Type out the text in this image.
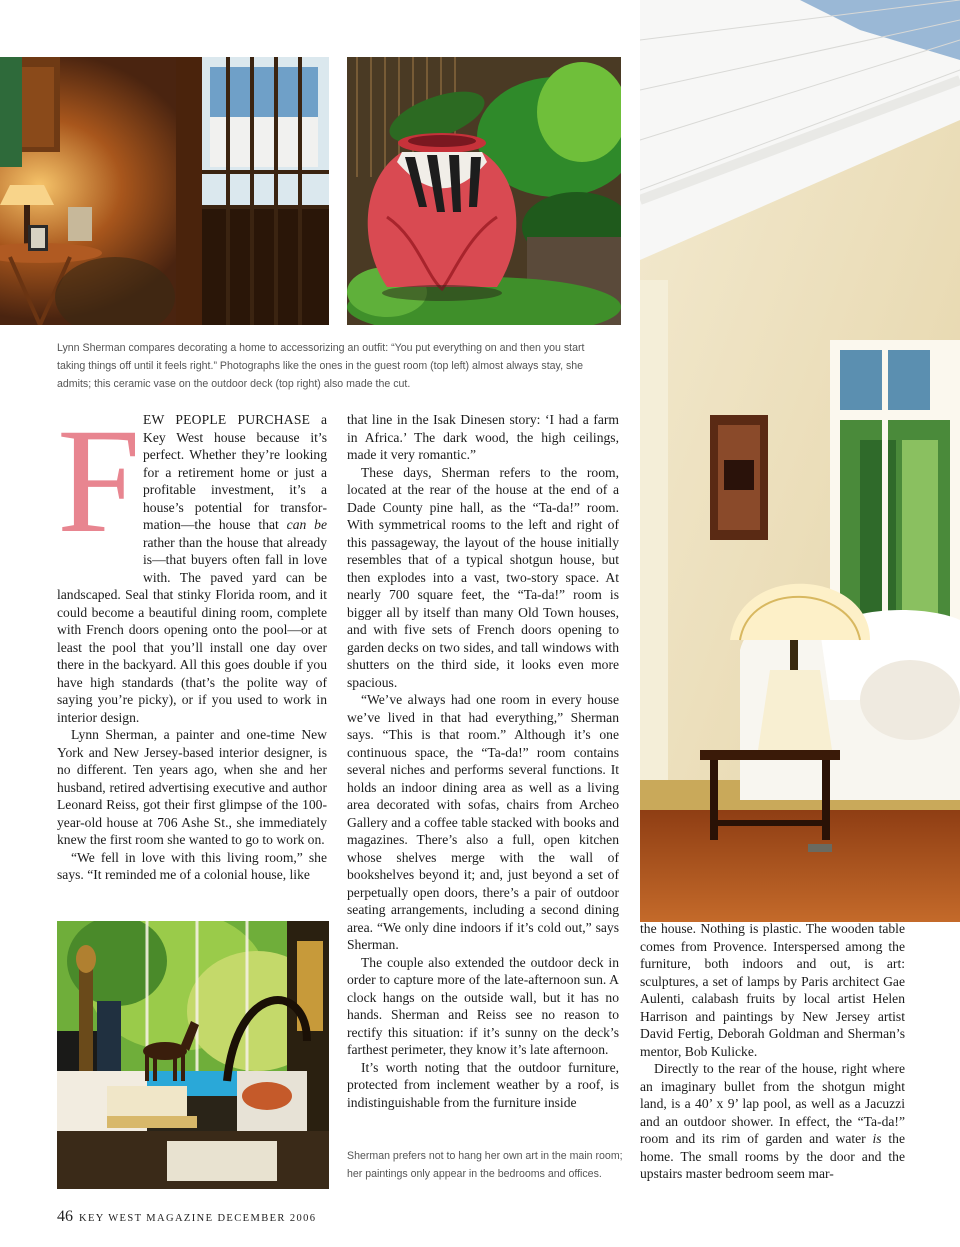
Lynn Sherman compares decorating a home to accessorizing an outfit: “You put everything on and then you start taking things off until it feels right.” Photographs like the ones in the guest room (top left) almost always stay, she admits; this ceramic vase on the outdoor deck (top right) also made the cut.

FEW PEOPLE PURCHASE a Key West house because it’s perfect. Whether they’re looking for a retirement home or just a profitable investment, it’s a house’s potential for transformation—the house that can be rather than the house that already is—that buyers often fall in love with. The paved yard can be landscaped. Seal that stinky Florida room, and it could become a beautiful dining room, complete with French doors opening onto the pool—or at least the pool that you’ll install one day over there in the backyard. All this goes double if you have high standards (that’s the polite way of saying you’re picky), or if you used to work in interior design.

Lynn Sherman, a painter and one-time New York and New Jersey-based interior designer, is no different. Ten years ago, when she and her husband, retired advertising executive and author Leonard Reiss, got their first glimpse of the 100-year-old house at 706 Ashe St., she immediately knew the first room she wanted to go to work on.

“We fell in love with this living room,” she says. “It reminded me of a colonial house, like

that line in the Isak Dinesen story: ‘I had a farm in Africa.’ The dark wood, the high ceilings, made it very romantic.”

These days, Sherman refers to the room, located at the rear of the house at the end of a Dade County pine hall, as the “Ta-da!” room. With symmetrical rooms to the left and right of this passageway, the layout of the house initially resembles that of a typical shotgun house, but then explodes into a vast, two-story space. At nearly 700 square feet, the “Ta-da!” room is bigger all by itself than many Old Town houses, and with five sets of French doors opening to garden decks on two sides, and tall windows with shutters on the third side, it looks even more spacious.

“We’ve always had one room in every house we’ve lived in that had everything,” Sherman says. “This is that room.” Although it’s one continuous space, the “Ta-da!” room contains several niches and performs several functions. It holds an indoor dining area as well as a living area decorated with sofas, chairs from Archeo Gallery and a coffee table stacked with books and magazines. There’s also a full, open kitchen whose shelves merge with the wall of bookshelves beyond it; and, just beyond a set of perpetually open doors, there’s a pair of outdoor seating arrangements, including a second dining area. “We only dine indoors if it’s cold out,” says Sherman.

The couple also extended the outdoor deck in order to capture more of the late-afternoon sun. A clock hangs on the outside wall, but it has no hands. Sherman and Reiss see no reason to rectify this situation: if it’s sunny on the deck’s farthest perimeter, they know it’s late afternoon.

It’s worth noting that the outdoor furniture, protected from inclement weather by a roof, is indistinguishable from the furniture inside

Sherman prefers not to hang her own art in the main room; her paintings only appear in the bedrooms and offices.

the house. Nothing is plastic. The wooden table comes from Provence. Interspersed among the furniture, both indoors and out, is art: sculptures, a set of lamps by Paris architect Gae Aulenti, calabash fruits by local artist Helen Harrison and paintings by New Jersey artist David Fertig, Deborah Goldman and Sherman’s mentor, Bob Kulicke.

Directly to the rear of the house, right where an imaginary bullet from the shotgun might land, is a 40’ x 9’ lap pool, as well as a Jacuzzi and an outdoor shower. In effect, the “Ta-da!” room and its rim of garden and water is the home. The small rooms by the door and the upstairs master bedroom seem mar-

46 KEY WEST MAGAZINE DECEMBER 2006
